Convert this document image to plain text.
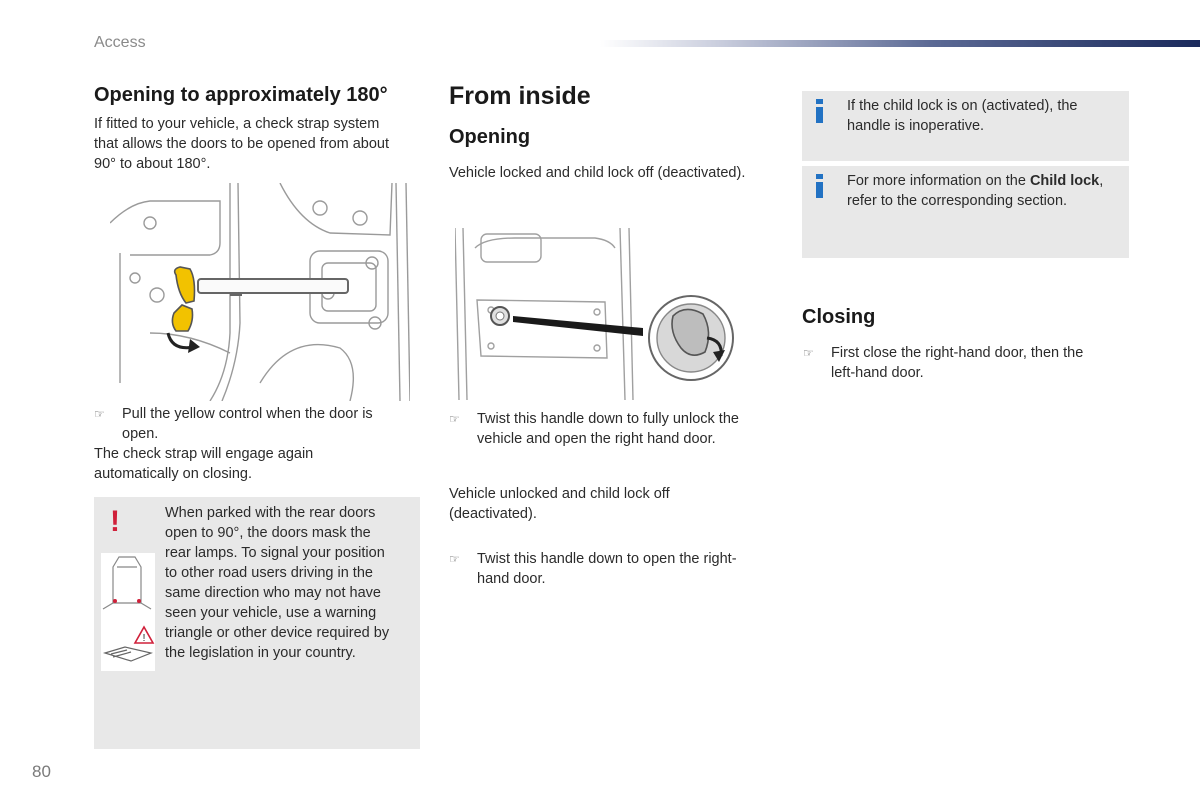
Access
Opening to approximately 180°
If fitted to your vehicle, a check strap system
that allows the doors to be opened from about
90° to about 180°.
☞ Pull the yellow control when the door is
open.
The check strap will engage again
automatically on closing.
!
!
When parked with the rear doors
open to 90°, the doors mask the
rear lamps. To signal your position
to other road users driving in the
same direction who may not have
seen your vehicle, use a warning
triangle or other device required by
the legislation in your country.
From inside
Opening
Vehicle locked and child lock off (deactivated).
☞ Twist this handle down to fully unlock the
vehicle and open the right hand door.
Vehicle unlocked and child lock off
(deactivated).
☞ Twist this handle down to open the right-
hand door.
If the child lock is on (activated), the
handle is inoperative.
For more information on the Child lock,
refer to the corresponding section.
Closing
☞ First close the right-hand door, then the
left-hand door.
80
